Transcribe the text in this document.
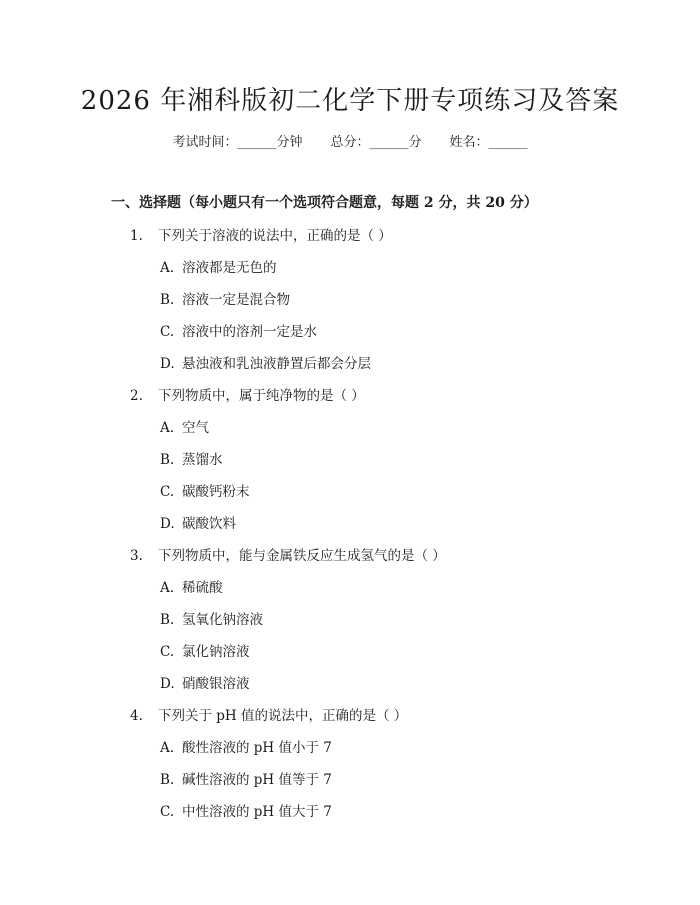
2026 年湘科版初二化学下册专项练习及答案
考试时间：______分钟 总分：______分 姓名：______
一、选择题（每小题只有一个选项符合题意，每题 2 分，共 20 分）
1. 下列关于溶液的说法中，正确的是（ ）
A. 溶液都是无色的
B. 溶液一定是混合物
C. 溶液中的溶剂一定是水
D. 悬浊液和乳浊液静置后都会分层
2. 下列物质中，属于纯净物的是（ ）
A. 空气
B. 蒸馏水
C. 碳酸钙粉末
D. 碳酸饮料
3. 下列物质中，能与金属铁反应生成氢气的是（ ）
A. 稀硫酸
B. 氢氧化钠溶液
C. 氯化钠溶液
D. 硝酸银溶液
4. 下列关于 pH 值的说法中，正确的是（ ）
A. 酸性溶液的 pH 值小于 7
B. 碱性溶液的 pH 值等于 7
C. 中性溶液的 pH 值大于 7
